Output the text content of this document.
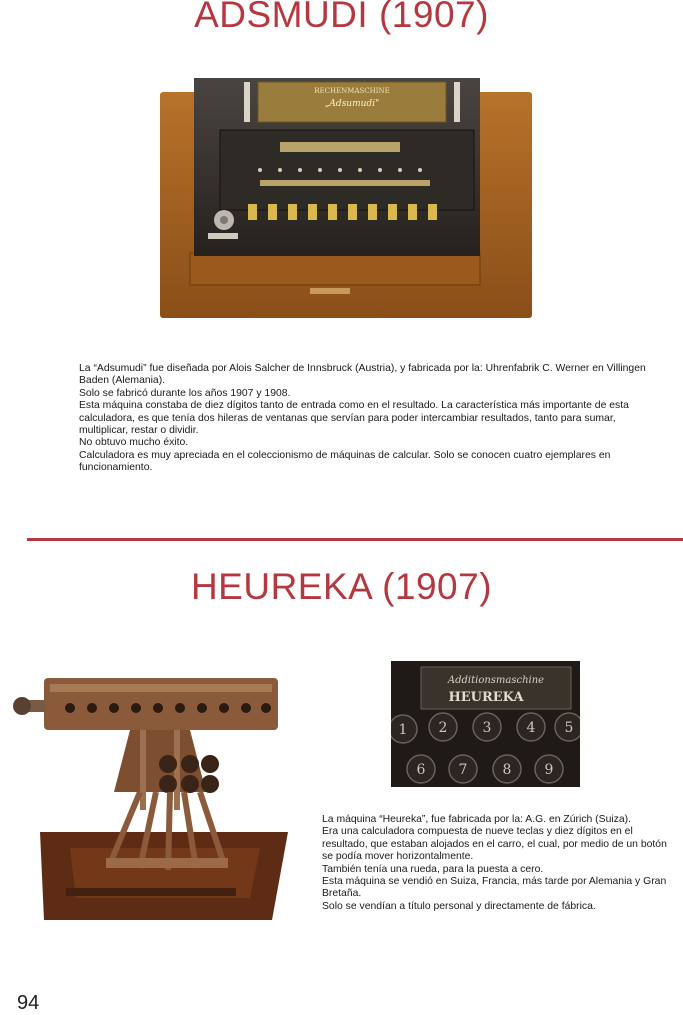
ADSMUDI (1907)
RECHENMASCHINE
„Adsumudi"

La “Adsumudi” fue diseñada por Alois Salcher de Innsbruck (Austria), y fabricada por la: Uhrenfabrik C. Werner en Villingen Baden (Alemania).

Solo se fabricó durante los años 1907 y 1908.

Esta máquina constaba de diez dígitos tanto de entrada como en el resultado. La característica más importante de esta calculadora, es que tenía dos hileras de ventanas que servían para poder intercambiar resultados, tanto para sumar, multiplicar, restar o dividir.

No obtuvo mucho éxito.

Calculadora es muy apreciada en el coleccionismo de máquinas de calcular. Solo se conocen cuatro ejemplares en funcionamiento.

HEUREKA (1907)
Additionsmaschine
HEUREKA
1 2	3	4 5
6 7	8 9

La máquina “Heureka”, fue fabricada por la: A.G. en Zúrich (Suiza).

Era una calculadora compuesta de nueve teclas y diez dígitos en el resultado, que estaban alojados en el carro, el cual, por medio de un botón se podía mover horizontalmente.

También tenía una rueda, para la puesta a cero.

Esta máquina se vendió en Suiza, Francia, más tarde por Alemania y Gran Bretaña.

Solo se vendían a título personal y directamente de fábrica.

94
